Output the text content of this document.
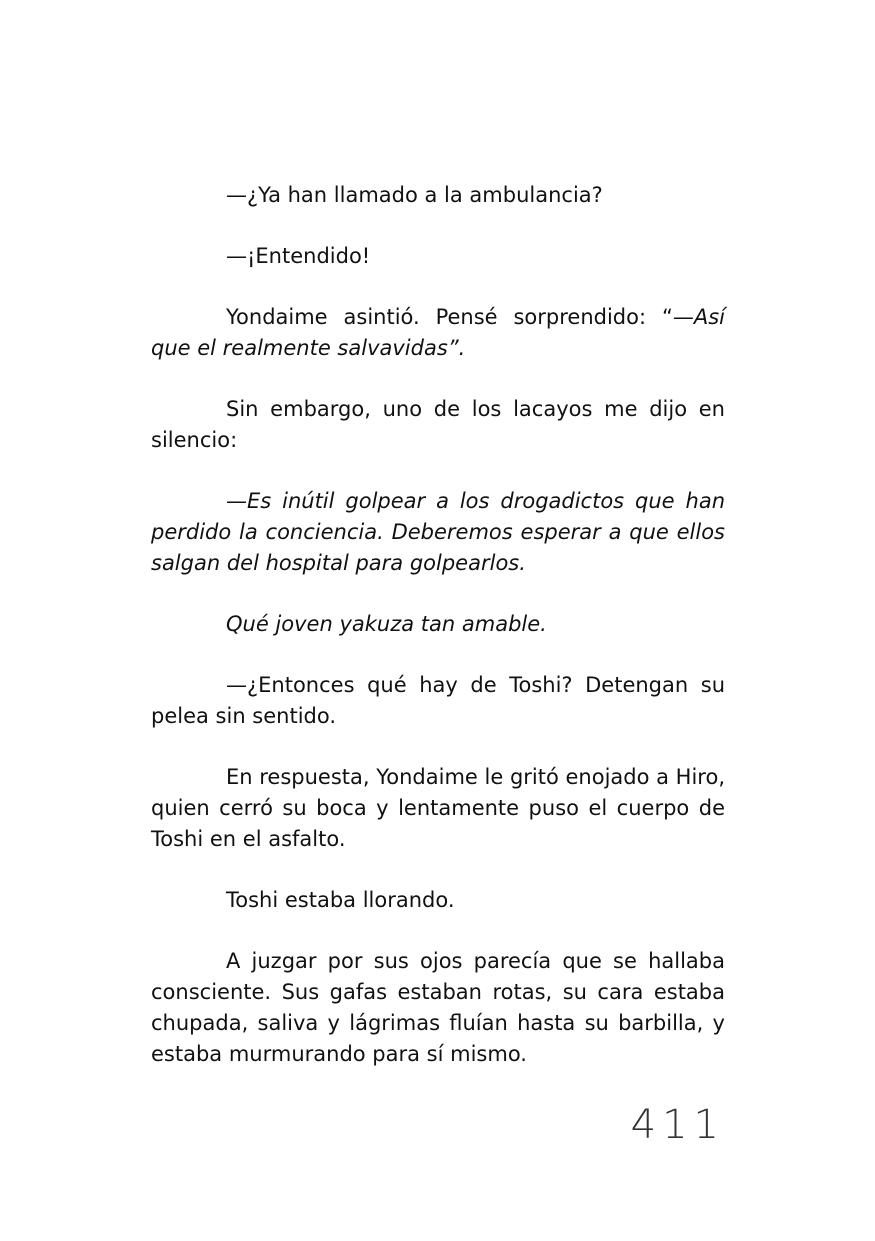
—¿Ya han llamado a la ambulancia?

—¡Entendido!

Yondaime asintió. Pensé sorprendido: “—Así que el realmente salvavidas”.

Sin embargo, uno de los lacayos me dijo en silencio:

—Es inútil golpear a los drogadictos que han perdido la conciencia. Deberemos esperar a que ellos salgan del hospital para golpearlos.

Qué joven yakuza tan amable.

—¿Entonces qué hay de Toshi? Detengan su pelea sin sentido.

En respuesta, Yondaime le gritó enojado a Hiro, quien cerró su boca y lentamente puso el cuerpo de Toshi en el asfalto.

Toshi estaba llorando.

A juzgar por sus ojos parecía que se hallaba consciente. Sus gafas estaban rotas, su cara estaba chupada, saliva y lágrimas fluían hasta su barbilla, y estaba murmurando para sí mismo.

411
